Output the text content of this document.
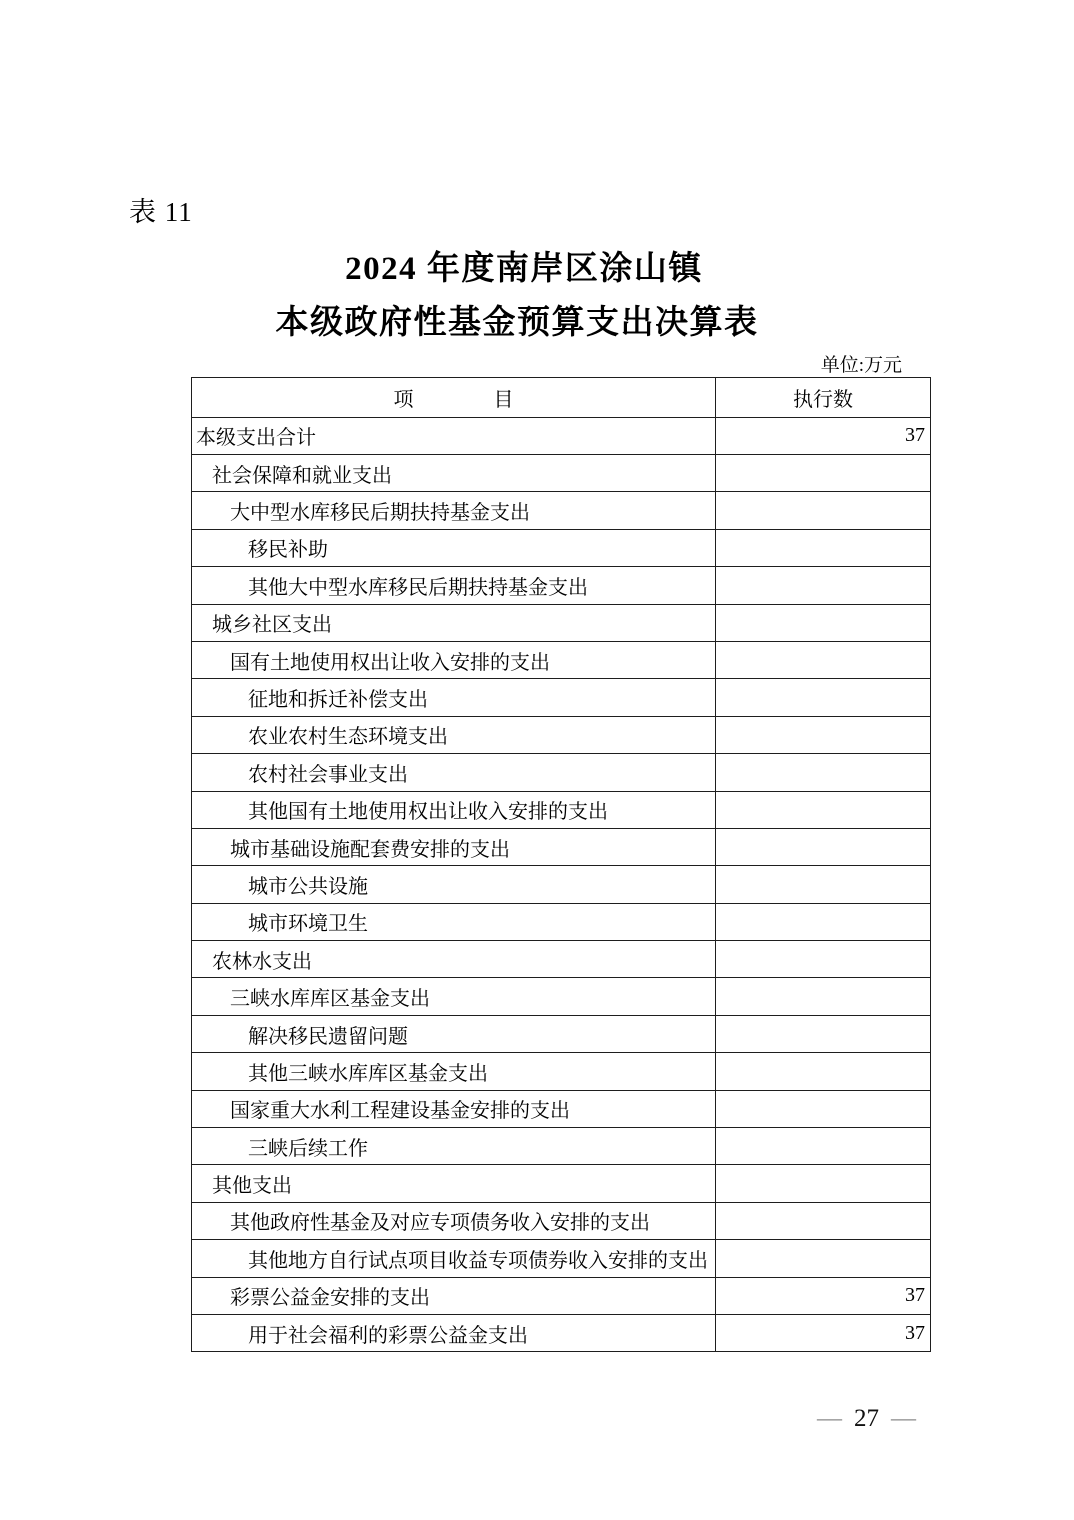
表 11
2024 年度南岸区涂山镇
本级政府性基金预算支出决算表
单位:万元
项　　　　目	执行数
本级支出合计	37
社会保障和就业支出	
大中型水库移民后期扶持基金支出	
移民补助	
其他大中型水库移民后期扶持基金支出	
城乡社区支出	
国有土地使用权出让收入安排的支出	
征地和拆迁补偿支出	
农业农村生态环境支出	
农村社会事业支出	
其他国有土地使用权出让收入安排的支出	
城市基础设施配套费安排的支出	
城市公共设施	
城市环境卫生	
农林水支出	
三峡水库库区基金支出	
解决移民遗留问题	
其他三峡水库库区基金支出	
国家重大水利工程建设基金安排的支出	
三峡后续工作	
其他支出	
其他政府性基金及对应专项债务收入安排的支出	
其他地方自行试点项目收益专项债券收入安排的支出	
彩票公益金安排的支出	37
用于社会福利的彩票公益金支出	37
— 27 —
